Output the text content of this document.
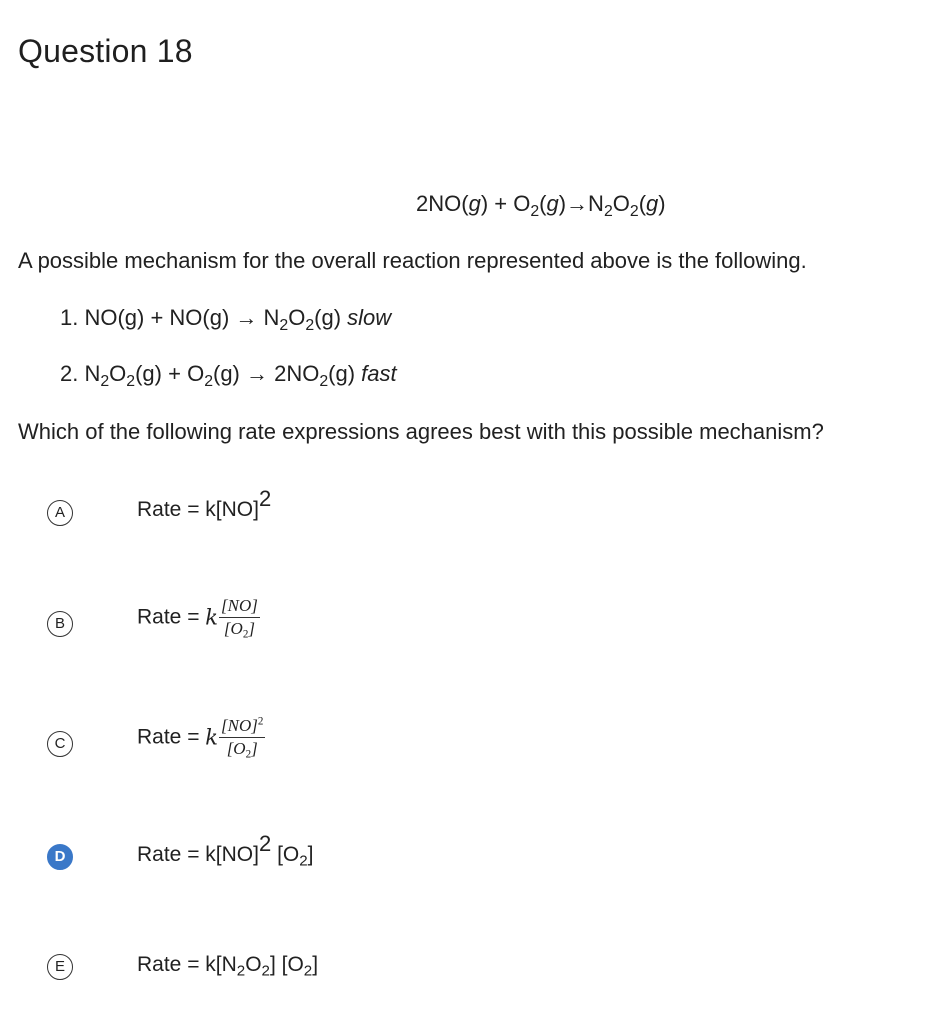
Question 18
$2NO(g) + O_2(g)\to N_2O_2(g)$
A possible mechanism for the overall reaction represented above is the following.
1. $NO(g) + NO(g) \to N_2O_2(g)$ slow
2. $N_2O_2(g) + O_2(g) \to 2NO_2(g)$ fast
Which of the following rate expressions agrees best with this possible mechanism?
A	Rate = k[NO]2
B	Rate = k $\frac{[NO]}{[O2]}$
C	Rate = k $\frac{[NO]^2}{[O2]}$
D	Rate = k[NO]2 $[O_2]$
E	Rate = $k[N_2O_2]$ $[O_2]$
